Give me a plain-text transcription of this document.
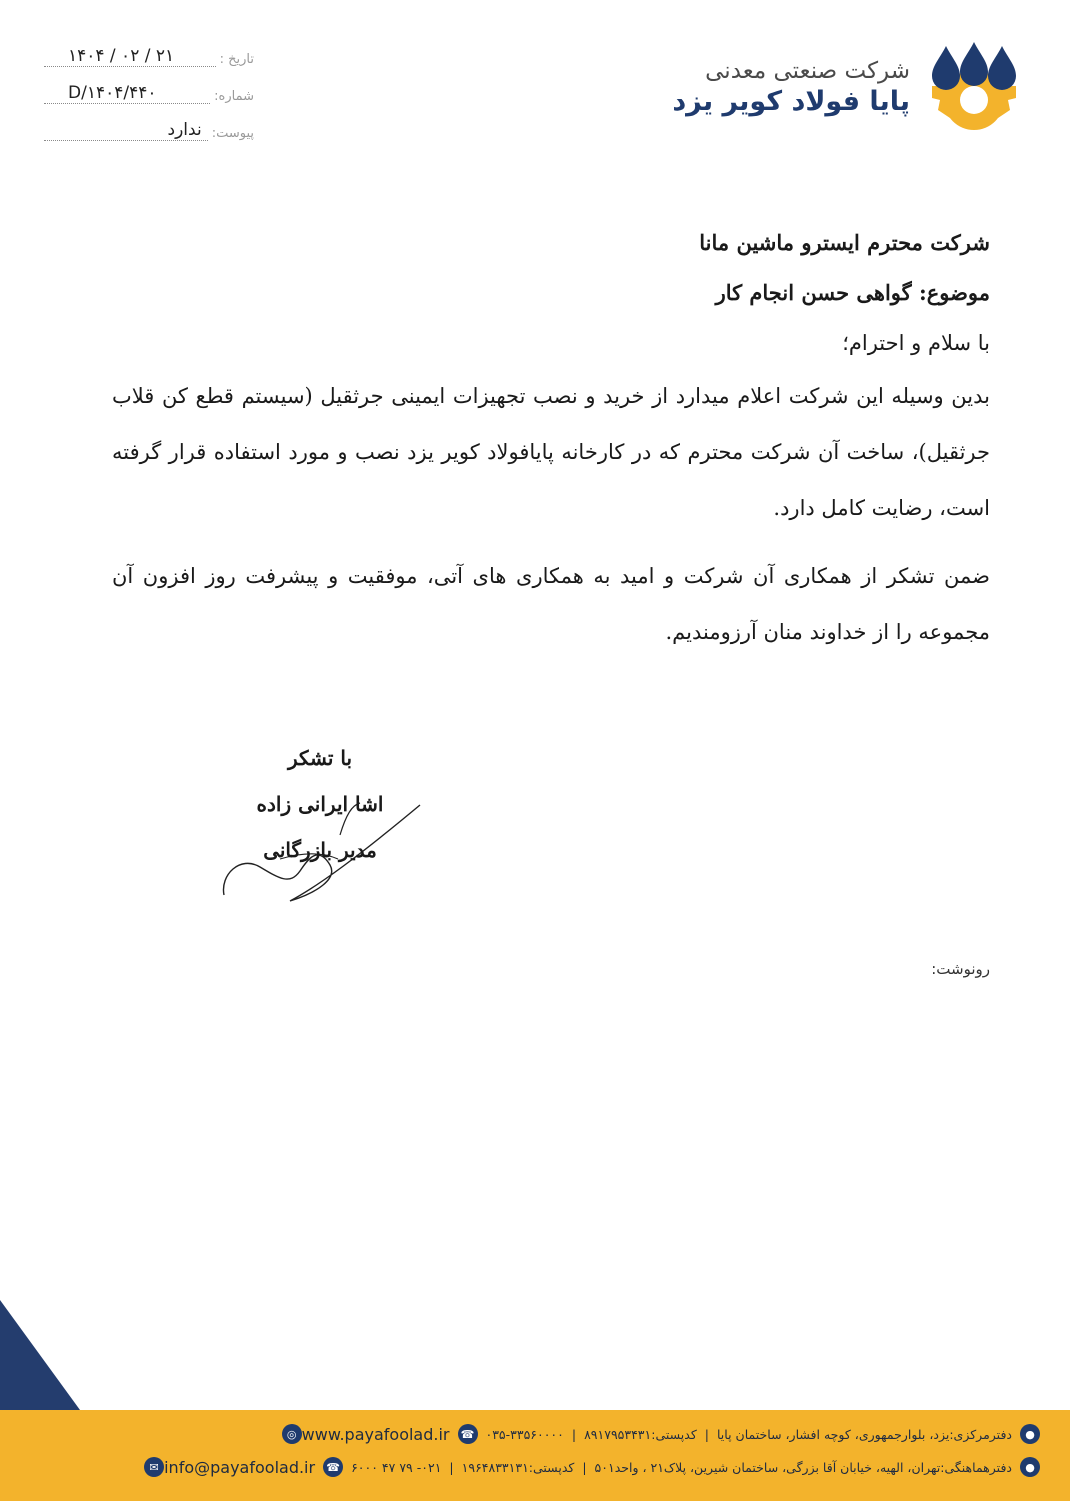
تاریخ :
۱۴۰۴ / ۰۲ / ۲۱
شماره:
D/۱۴۰۴/۴۴۰
پیوست:
ندارد
شرکت صنعتی معدنی
پایا فولاد کویر یزد
شرکت محترم ایسترو ماشین مانا
موضوع: گواهی حسن انجام کار
با سلام و احترام؛

بدین وسیله این شرکت اعلام میدارد از خرید و نصب تجهیزات ایمینی جرثقیل (سیستم قطع کن قلاب جرثقیل)، ساخت آن شرکت محترم که در کارخانه پایافولاد کویر یزد نصب و مورد استفاده قرار گرفته است، رضایت کامل دارد.

ضمن تشکر از همکاری آن شرکت و امید به همکاری های آتی، موفقیت و پیشرفت روز افزون آن مجموعه را از خداوند منان آرزومندیم.

با تشکر
اشا ایرانی زاده
مدیر بازرگانی
رونوشت:
●
دفترمرکزی:یزد، بلوارجمهوری، کوچه افشار، ساختمان پایا
|
کدپستی:۸۹۱۷۹۵۳۴۳۱
|
۰۳۵-۳۳۵۶۰۰۰۰
☎
www.payafoolad.ir
◎
●
دفترهماهنگی:تهران، الهیه، خیابان آقا بزرگی، ساختمان شیرین، پلاک۲۱ ، واحد۵۰۱
|
کدپستی:۱۹۶۴۸۳۳۱۳۱
|
۰۲۱- ۷۹ ۴۷ ۶۰۰۰
☎
info@payafoolad.ir
✉
